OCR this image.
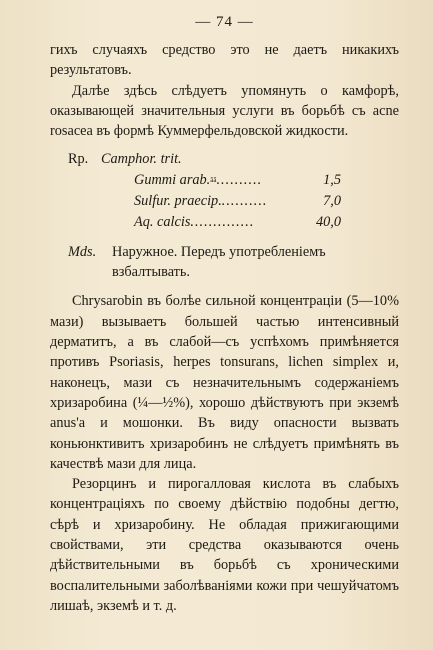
— 74 —

гихъ случаяхъ средство это не даетъ никакихъ результатовъ.

Далѣе здѣсь слѣдуетъ упомянуть о камфорѣ, оказывающей значительныя услуги въ борьбѣ съ acne rosacea въ формѣ Куммерфельдовской жидкости.

Rp. Camphor. trit.
Gummi arab. āā ..........	1,5
Sulfur. praecip. ..........	7,0
Aq. calcis ..............	40,0
Mds.	Наружное. Передъ употребленіемъ взбалтывать.

Chrysarobin въ болѣе сильной концентраціи (5—10% мази) вызываетъ большей частью интенсивный дерматитъ, а въ слабой—съ успѣхомъ примѣняется противъ Psoriasis, herpes tonsurans, lichen simplex и, наконецъ, мази съ незначительнымъ содержаніемъ хризаробина (¼—½%), хорошо дѣйствуютъ при экземѣ anus'а и мошонки. Въ виду опасности вызвать коньюнктивитъ хризаробинъ не слѣдуетъ примѣнять въ качествѣ мази для лица.

Резорцинъ и пирогалловая кислота въ слабыхъ концентраціяхъ по своему дѣйствію подобны дегтю, сѣрѣ и хризаробину. Не обладая прижигающими свойствами, эти средства оказываются очень дѣйствительными въ борьбѣ съ хроническими воспалительными заболѣваніями кожи при чешуйчатомъ лишаѣ, экземѣ и т. д.
